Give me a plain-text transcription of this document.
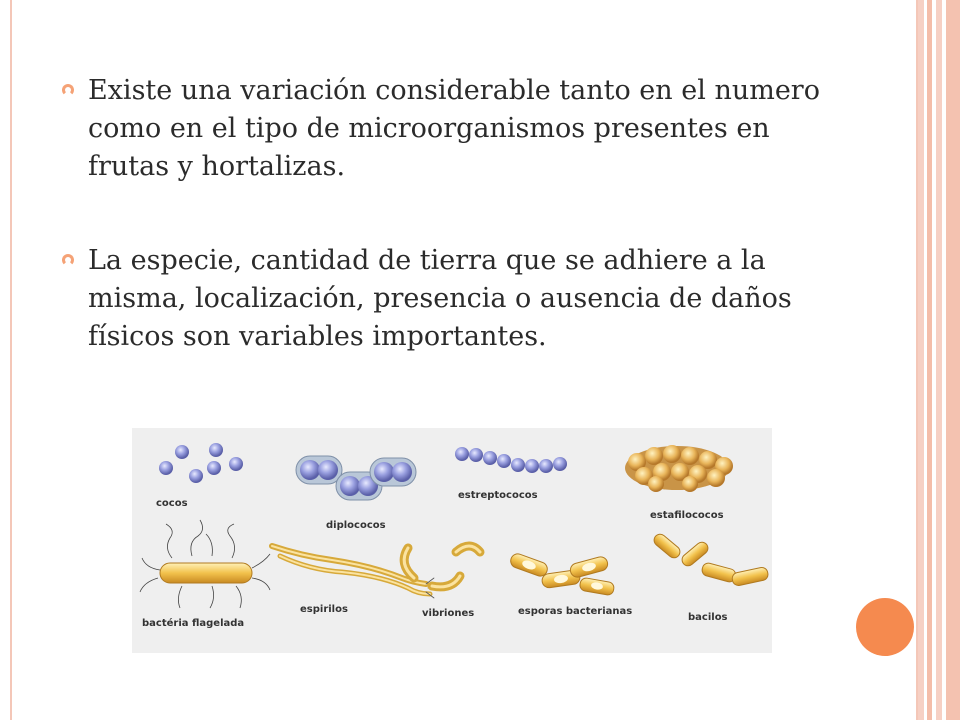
Existe una variación considerable tanto en el numero como en el tipo de microorganismos presentes en frutas y hortalizas.
La especie, cantidad de tierra que se adhiere a la misma, localización, presencia o ausencia de daños físicos son variables importantes.
cocos
diplococos
estreptococos
estafilococos
bactéria flagelada
espirilos	vibriones	esporas bacterianas
bacilos
